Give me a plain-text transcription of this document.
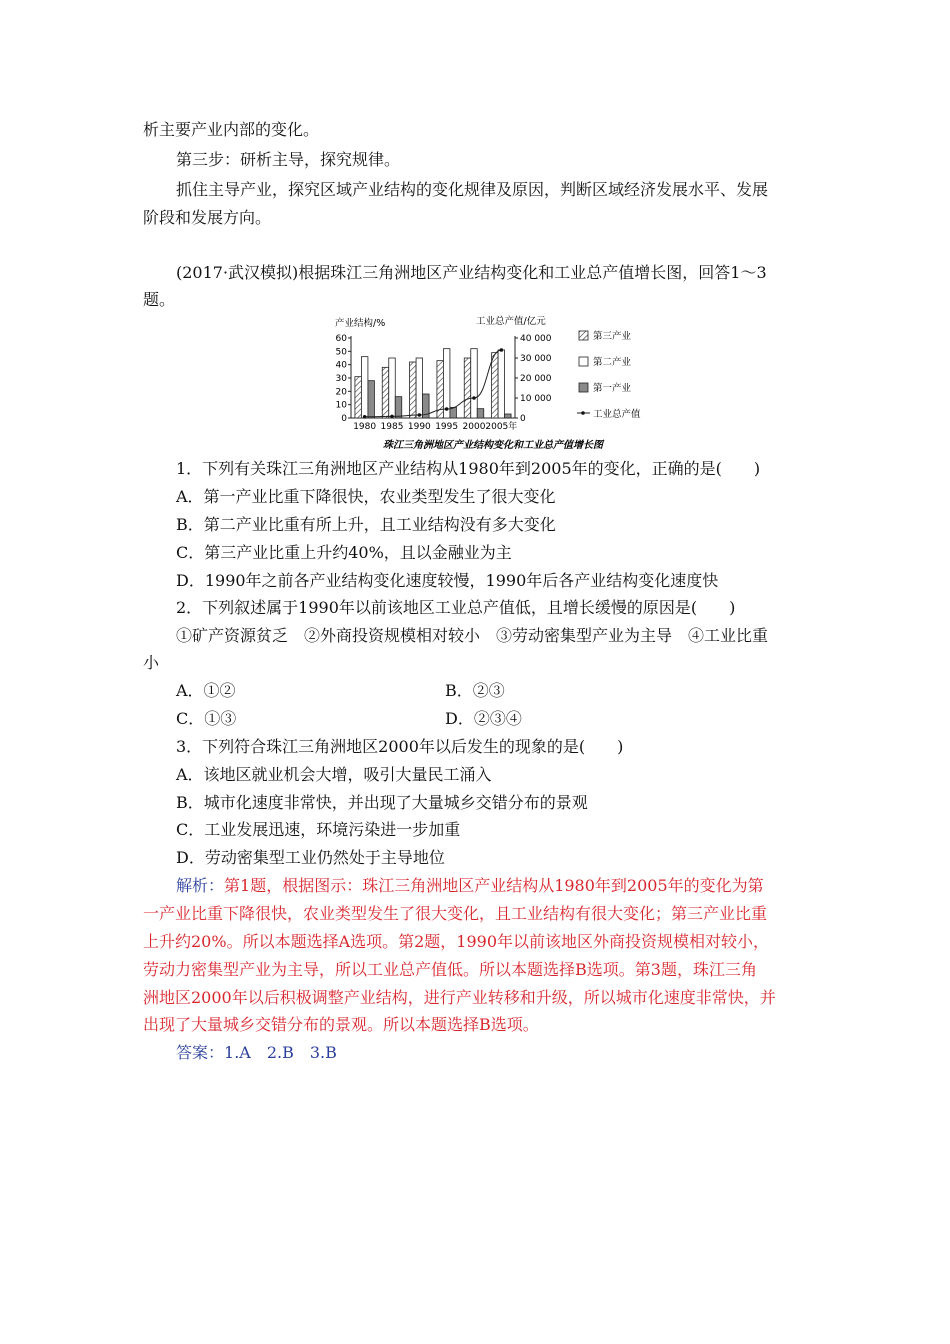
析主要产业内部的变化。
第三步：研析主导，探究规律。
抓住主导产业，探究区域产业结构的变化规律及原因，判断区域经济发展水平、发展
阶段和发展方向。
(2017·武汉模拟)根据珠江三角洲地区产业结构变化和工业总产值增长图，回答1～3
题。
产业结构/%	工业总产值/亿元
0
10
20
30
40
50
60
0
10 000
20 000
30 000
40 000
1980 1985 1990 1995 2000 2005年
第三产业
第二产业
第一产业
工业总产值
珠江三角洲地区产业结构变化和工业总产值增长图
1．下列有关珠江三角洲地区产业结构从1980年到2005年的变化，正确的是(　　)
A．第一产业比重下降很快，农业类型发生了很大变化
B．第二产业比重有所上升，且工业结构没有多大变化
C．第三产业比重上升约40%，且以金融业为主
D．1990年之前各产业结构变化速度较慢，1990年后各产业结构变化速度快
2．下列叙述属于1990年以前该地区工业总产值低，且增长缓慢的原因是(　　)
①矿产资源贫乏　②外商投资规模相对较小　③劳动密集型产业为主导　④工业比重
小
A．①②	B．②③
C．①③	D．②③④
3．下列符合珠江三角洲地区2000年以后发生的现象的是(　　)
A．该地区就业机会大增，吸引大量民工涌入
B．城市化速度非常快，并出现了大量城乡交错分布的景观
C．工业发展迅速，环境污染进一步加重
D．劳动密集型工业仍然处于主导地位
解析：第1题，根据图示：珠江三角洲地区产业结构从1980年到2005年的变化为第
一产业比重下降很快，农业类型发生了很大变化，且工业结构有很大变化；第三产业比重
上升约20%。所以本题选择A选项。第2题，1990年以前该地区外商投资规模相对较小，
劳动力密集型产业为主导，所以工业总产值低。所以本题选择B选项。第3题，珠江三角
洲地区2000年以后积极调整产业结构，进行产业转移和升级，所以城市化速度非常快，并
出现了大量城乡交错分布的景观。所以本题选择B选项。
答案：1.A　2.B　3.B
